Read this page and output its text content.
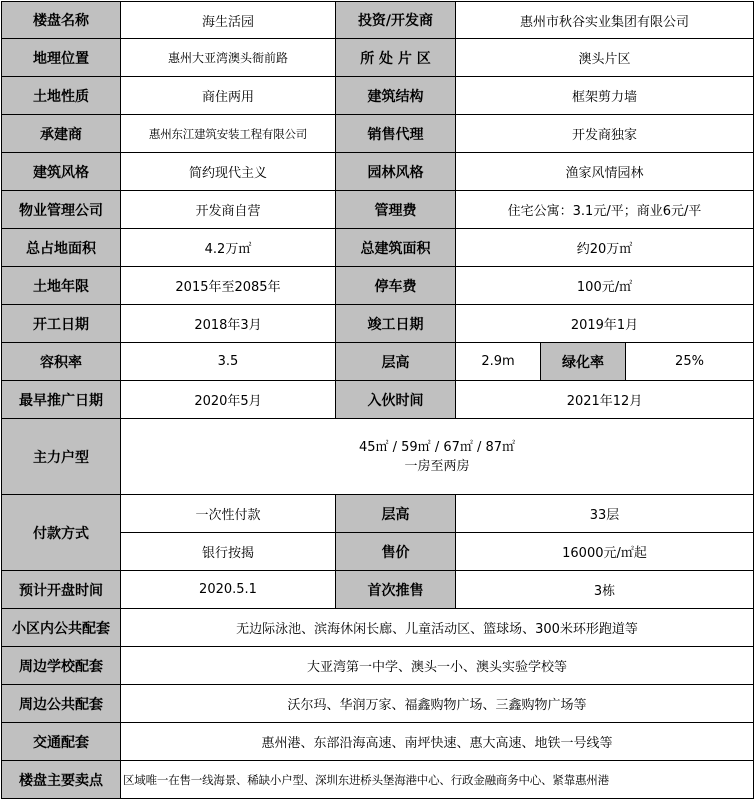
楼盘名称	海生活园	投资/开发商	惠州市秋谷实业集团有限公司		
地理位置	惠州大亚湾澳头衙前路	所 处 片 区	澳头片区		
土地性质	商住两用	建筑结构	框架剪力墙		
承建商	惠州东江建筑安装工程有限公司	销售代理	开发商独家		
建筑风格	简约现代主义	园林风格	渔家风情园林		
物业管理公司	开发商自营	管理费	住宅公寓：3.1元/平；商业6元/平		
总占地面积	4.2万㎡	总建筑面积	约20万㎡		
土地年限	2015年至2085年	停车费	100元/㎡		
开工日期	2018年3月	竣工日期	2019年1月		
容积率	3.5	层高	2.9m	绿化率	25%
最早推广日期	2020年5月	入伙时间	2021年12月		
主力户型	45㎡ / 59㎡ / 67㎡ / 87㎡
一房至两房				

付款方式	一次性付款	层高	33层		
	银行按揭	售价	16000元/㎡起		
预计开盘时间	2020.5.1	首次推售	3栋		
小区内公共配套	无边际泳池、滨海休闲长廊、儿童活动区、篮球场、300米环形跑道等				
周边学校配套	大亚湾第一中学、澳头一小、澳头实验学校等				
周边公共配套	沃尔玛、华润万家、福鑫购物广场、三鑫购物广场等				
交通配套	惠州港、东部沿海高速、南坪快速、惠大高速、地铁一号线等				
楼盘主要卖点	区域唯一在售一线海景、稀缺小户型、深圳东进桥头堡海港中心、行政金融商务中心、紧靠惠州港				
